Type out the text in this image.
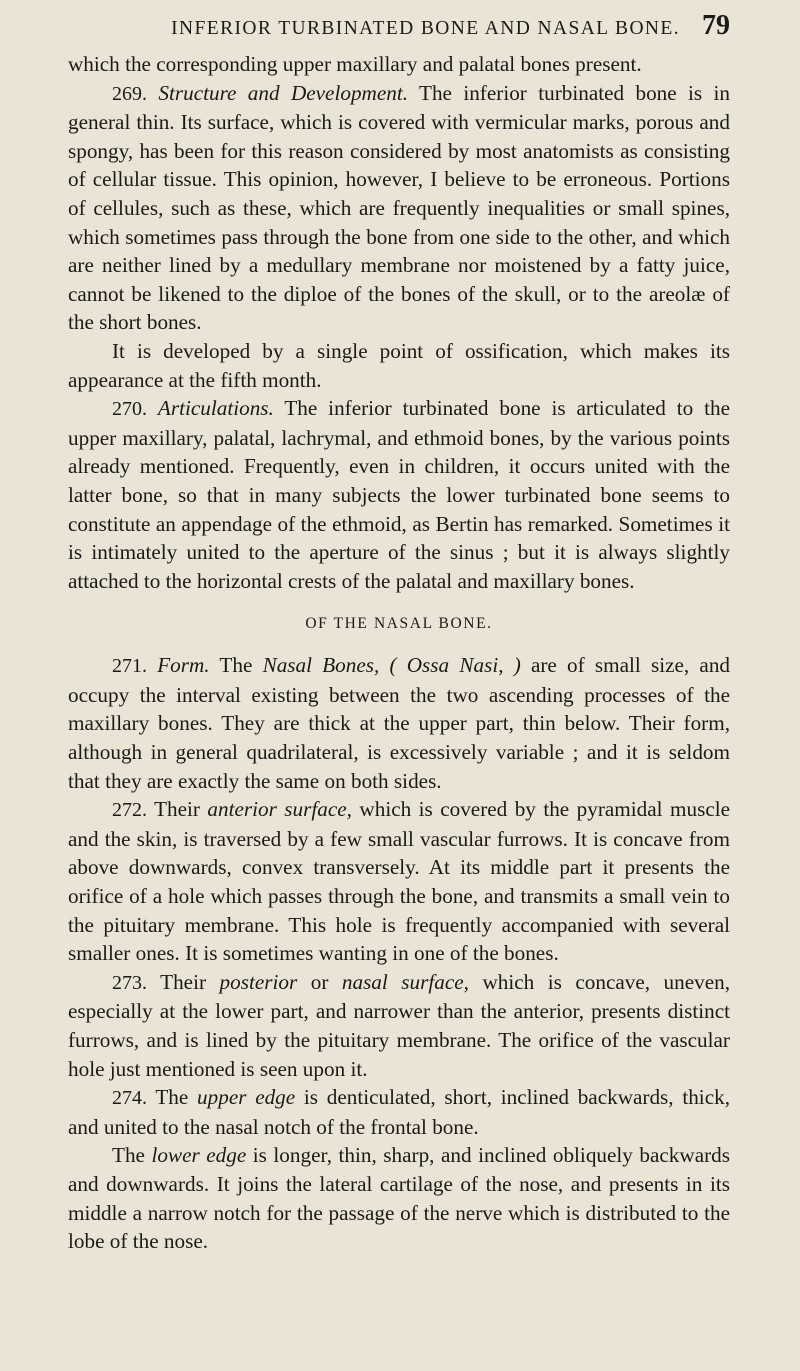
INFERIOR TURBINATED BONE AND NASAL BONE. 79

which the corresponding upper maxillary and palatal bones present.

269. Structure and Development. The inferior turbinated bone is in general thin. Its surface, which is covered with vermicular marks, porous and spongy, has been for this reason considered by most anatomists as consisting of cellular tissue. This opinion, however, I believe to be erroneous. Portions of cellules, such as these, which are frequently inequalities or small spines, which sometimes pass through the bone from one side to the other, and which are neither lined by a medullary membrane nor moistened by a fatty juice, cannot be likened to the diploe of the bones of the skull, or to the areolæ of the short bones.

It is developed by a single point of ossification, which makes its appearance at the fifth month.

270. Articulations. The inferior turbinated bone is articulated to the upper maxillary, palatal, lachrymal, and ethmoid bones, by the various points already mentioned. Frequently, even in children, it occurs united with the latter bone, so that in many subjects the lower turbinated bone seems to constitute an appendage of the ethmoid, as Bertin has remarked. Sometimes it is intimately united to the aperture of the sinus ; but it is always slightly attached to the horizontal crests of the palatal and maxillary bones.

OF THE NASAL BONE.

271. Form. The Nasal Bones, ( Ossa Nasi, ) are of small size, and occupy the interval existing between the two ascending processes of the maxillary bones. They are thick at the upper part, thin below. Their form, although in general quadrilateral, is excessively variable ; and it is seldom that they are exactly the same on both sides.

272. Their anterior surface, which is covered by the pyramidal muscle and the skin, is traversed by a few small vascular furrows. It is concave from above downwards, convex transversely. At its middle part it presents the orifice of a hole which passes through the bone, and transmits a small vein to the pituitary membrane. This hole is frequently accompanied with several smaller ones. It is sometimes wanting in one of the bones.

273. Their posterior or nasal surface, which is concave, uneven, especially at the lower part, and narrower than the anterior, presents distinct furrows, and is lined by the pituitary membrane. The orifice of the vascular hole just mentioned is seen upon it.

274. The upper edge is denticulated, short, inclined backwards, thick, and united to the nasal notch of the frontal bone.

The lower edge is longer, thin, sharp, and inclined obliquely backwards and downwards. It joins the lateral cartilage of the nose, and presents in its middle a narrow notch for the passage of the nerve which is distributed to the lobe of the nose.
